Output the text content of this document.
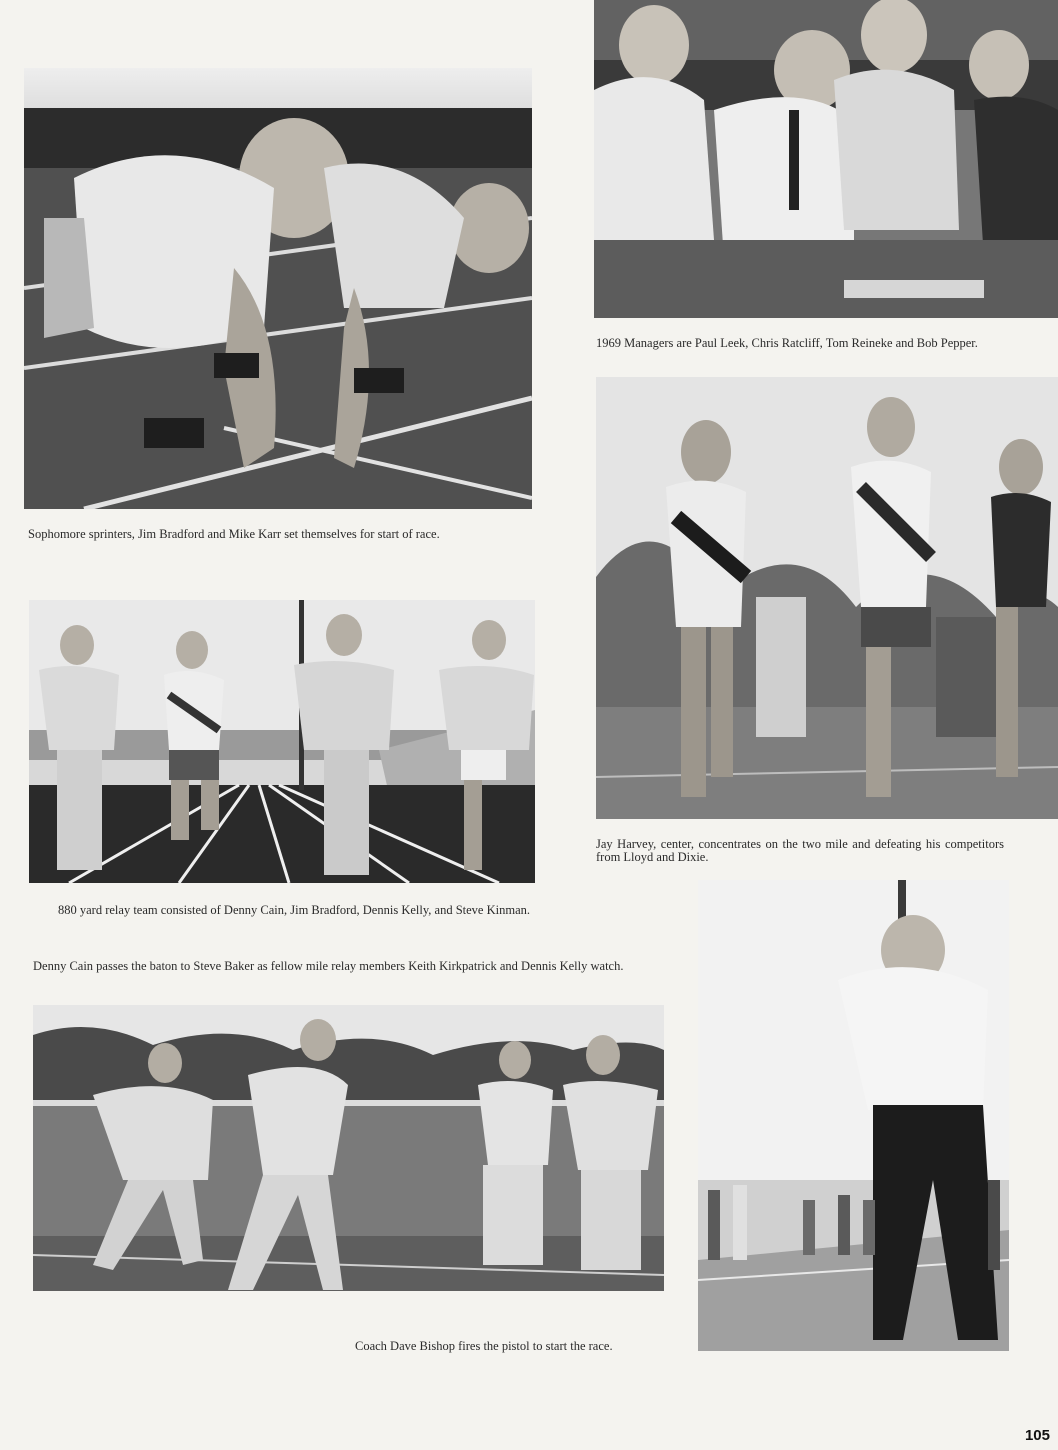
Sophomore sprinters, Jim Bradford and Mike Karr set themselves for start of race.
1969 Managers are Paul Leek, Chris Ratcliff, Tom Reineke and Bob Pepper.
Jay Harvey, center, concentrates on the two mile and defeating his competitors from Lloyd and Dixie.
880 yard relay team consisted of Denny Cain, Jim Bradford, Dennis Kelly, and Steve Kinman.
Denny Cain passes the baton to Steve Baker as fellow mile relay members Keith Kirkpatrick and Dennis Kelly watch.
Coach Dave Bishop fires the pistol to start the race.
105
